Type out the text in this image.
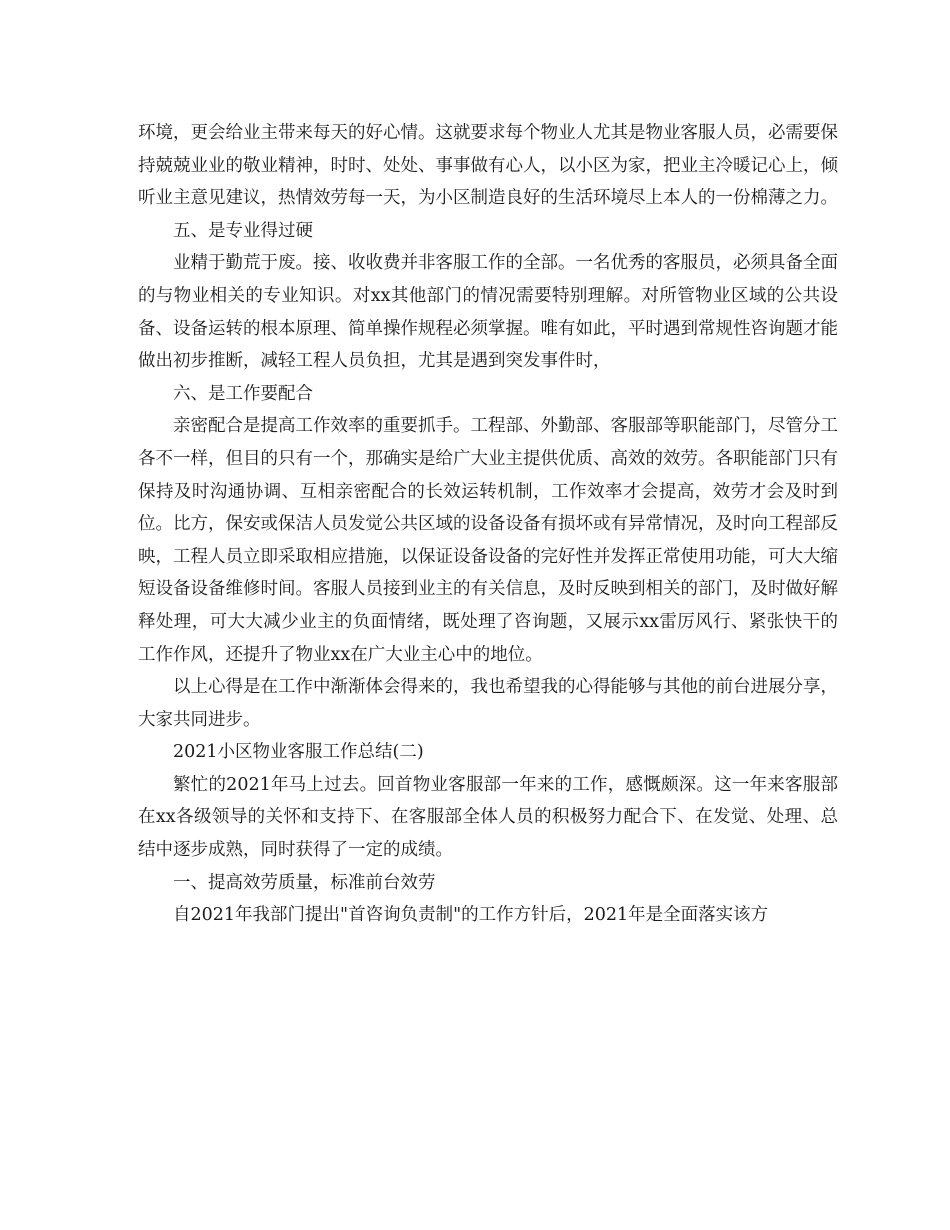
环境，更会给业主带来每天的好心情。这就要求每个物业人尤其是物业客服人员，必需要保持兢兢业业的敬业精神，时时、处处、事事做有心人，以小区为家，把业主冷暖记心上，倾听业主意见建议，热情效劳每一天，为小区制造良好的生活环境尽上本人的一份棉薄之力。

五、是专业得过硬

业精于勤荒于废。接、收收费并非客服工作的全部。一名优秀的客服员，必须具备全面的与物业相关的专业知识。对xx其他部门的情况需要特别理解。对所管物业区域的公共设备、设备运转的根本原理、简单操作规程必须掌握。唯有如此，平时遇到常规性咨询题才能做出初步推断，减轻工程人员负担，尤其是遇到突发事件时，

六、是工作要配合

亲密配合是提高工作效率的重要抓手。工程部、外勤部、客服部等职能部门，尽管分工各不一样，但目的只有一个，那确实是给广大业主提供优质、高效的效劳。各职能部门只有保持及时沟通协调、互相亲密配合的长效运转机制，工作效率才会提高，效劳才会及时到位。比方，保安或保洁人员发觉公共区域的设备设备有损坏或有异常情况，及时向工程部反映，工程人员立即采取相应措施，以保证设备设备的完好性并发挥正常使用功能，可大大缩短设备设备维修时间。客服人员接到业主的有关信息，及时反映到相关的部门，及时做好解释处理，可大大减少业主的负面情绪，既处理了咨询题，又展示xx雷厉风行、紧张快干的工作作风，还提升了物业xx在广大业主心中的地位。

以上心得是在工作中渐渐体会得来的，我也希望我的心得能够与其他的前台进展分享，大家共同进步。

2021小区物业客服工作总结(二)

繁忙的2021年马上过去。回首物业客服部一年来的工作，感慨颇深。这一年来客服部在xx各级领导的关怀和支持下、在客服部全体人员的积极努力配合下、在发觉、处理、总结中逐步成熟，同时获得了一定的成绩。

一、提高效劳质量，标准前台效劳

自2021年我部门提出"首咨询负责制"的工作方针后，2021年是全面落实该方
